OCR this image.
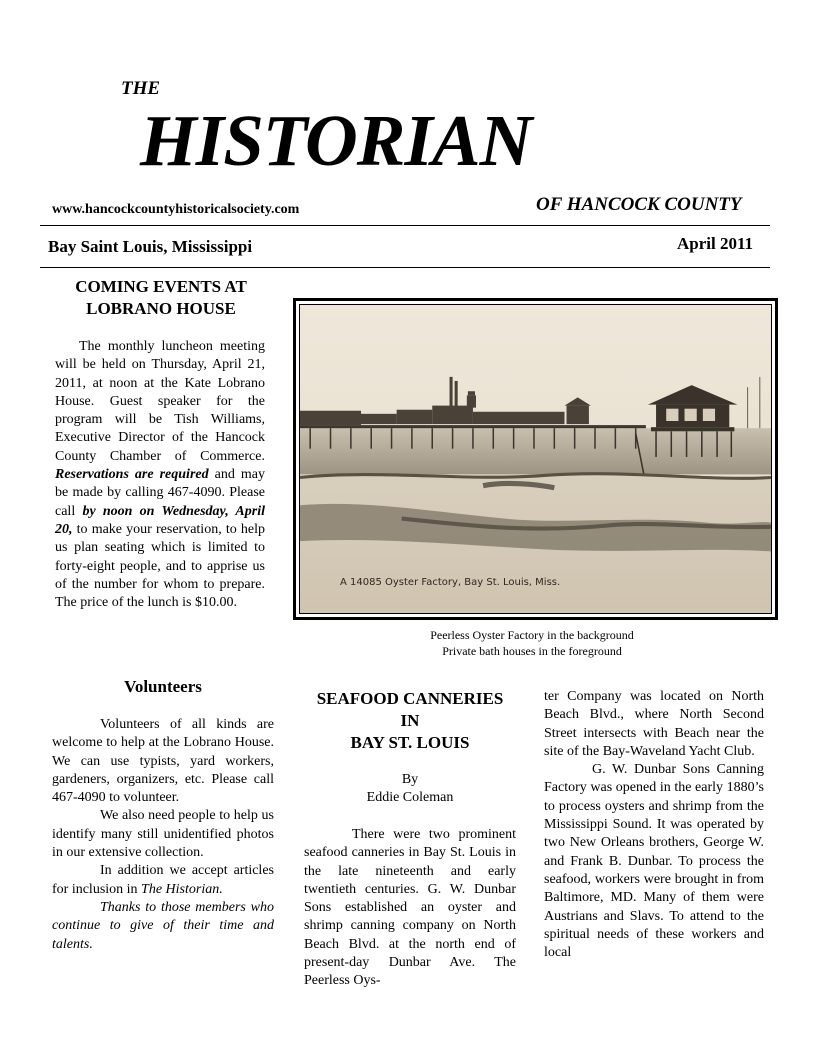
THE
HISTORIAN
www.hancockcountyhistoricalsociety.com	OF HANCOCK COUNTY
Bay Saint Louis, Mississippi	April 2011
COMING EVENTS AT
LOBRANO HOUSE

The monthly luncheon meeting will be held on Thursday, April 21, 2011, at noon at the Kate Lobrano House. Guest speaker for the program will be Tish Williams, Executive Director of the Hancock County Chamber of Commerce. Reservations are required and may be made by calling 467-4090. Please call by noon on Wednesday, April 20, to make your reservation, to help us plan seating which is limited to forty-eight people, and to apprise us of the number for whom to prepare. The price of the lunch is $10.00.

A 14085 Oyster Factory, Bay St. Louis, Miss.
Peerless Oyster Factory in the background
Private bath houses in the foreground
Volunteers

Volunteers of all kinds are welcome to help at the Lobrano House. We can use typists, yard workers, gardeners, organizers, etc. Please call 467-4090 to volunteer.

We also need people to help us identify many still unidentified photos in our extensive collection.

In addition we accept articles for inclusion in The Historian.

Thanks to those members who continue to give of their time and talents.

SEAFOOD CANNERIES
IN
BAY ST. LOUIS
By
Eddie Coleman

There were two prominent seafood canneries in Bay St. Louis in the late nineteenth and early twentieth centuries. G. W. Dunbar Sons established an oyster and shrimp canning company on North Beach Blvd. at the north end of present-day Dunbar Ave. The Peerless Oys-

ter Company was located on North Beach Blvd., where North Second Street intersects with Beach near the site of the Bay-Waveland Yacht Club.

G. W. Dunbar Sons Canning Factory was opened in the early 1880’s to process oysters and shrimp from the Mississippi Sound. It was operated by two New Orleans brothers, George W. and Frank B. Dunbar. To process the seafood, workers were brought in from Baltimore, MD. Many of them were Austrians and Slavs. To attend to the spiritual needs of these workers and local
